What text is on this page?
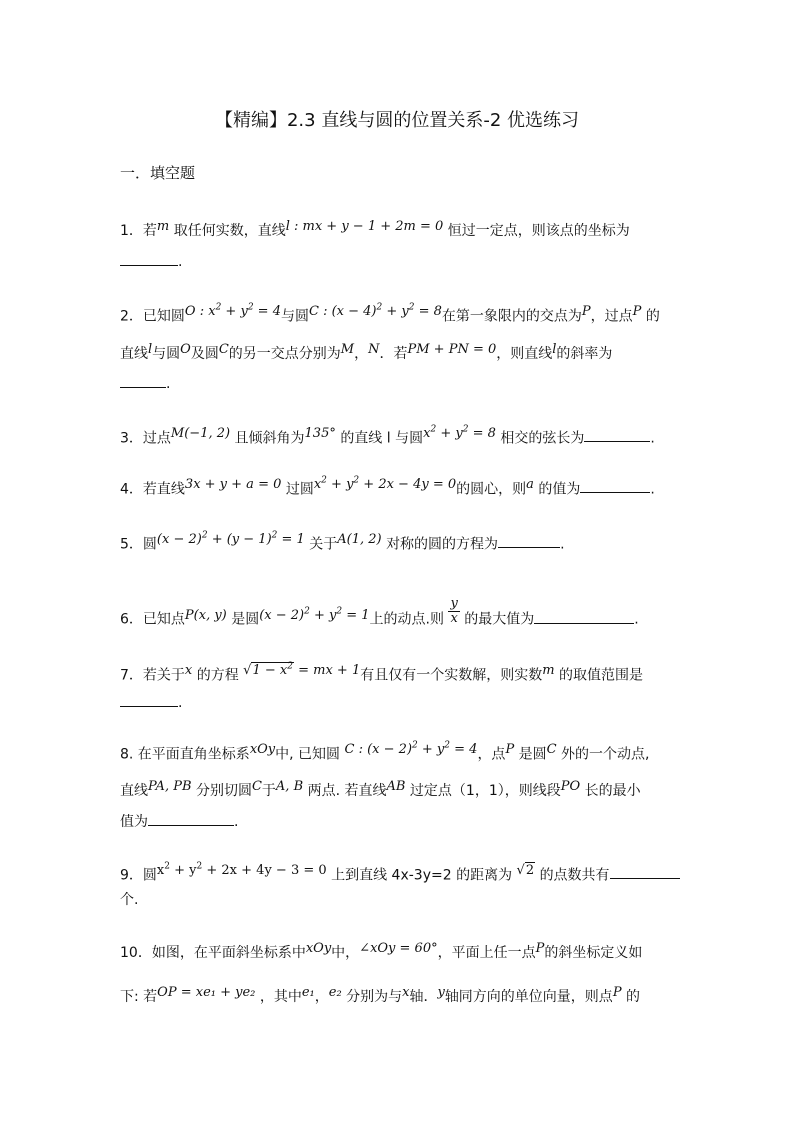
【精编】2.3 直线与圆的位置关系-2 优选练习
一．填空题
1．若m 取任何实数，直线l : mx + y − 1 + 2m = 0 恒过一定点，则该点的坐标为
.
2．已知圆O : $x^2 + y^2 = 4$与圆C : $(x - 4)^2 + y^2 = 8$在第一象限内的交点为P，过点P 的
直线l与圆O及圆C的另一交点分别为M，N．若PM + PN = 0，则直线l的斜率为
.
3．过点M(−1, 2) 且倾斜角为135° 的直线 l 与圆$x^2 + y^2 = 8$ 相交的弦长为	.
4．若直线3x + y + a = 0 过圆$x^2 + y^2 + 2x - 4y = 0$的圆心，则a 的值为	.
5．圆$(x - 2)^2 + (y - 1)^2 = 1$ 关于A(1, 2) 对称的圆的方程为	.
6．已知点P(x, y) 是圆$(x - 2)^2 + y^2 = 1$上的动点.则 $\frac{y}{x}$ 的最大值为	.
7．若关于x 的方程 $√1 - x^2$ = mx + 1有且仅有一个实数解，则实数m 的取值范围是
.
8. 在平面直角坐标系xOy中, 已知圆 C : $(x - 2)^2 + y^2 = 4$，点P 是圆C 外的一个动点,
直线PA, PB 分别切圆C于A, B 两点. 若直线AB 过定点（1，1），则线段PO 长的最小
值为	.
9．圆$x^2 + y^2 + 2x + 4y - 3 = 0$ 上到直线 4x-3y=2 的距离为 √2 的点数共有
个.
10．如图，在平面斜坐标系中xOy中，∠xOy = 60°，平面上任一点P的斜坐标定义如
下: 若OP = xe₁ + ye₂ ，其中e₁，e₂ 分别为与x轴．y轴同方向的单位向量，则点P 的
